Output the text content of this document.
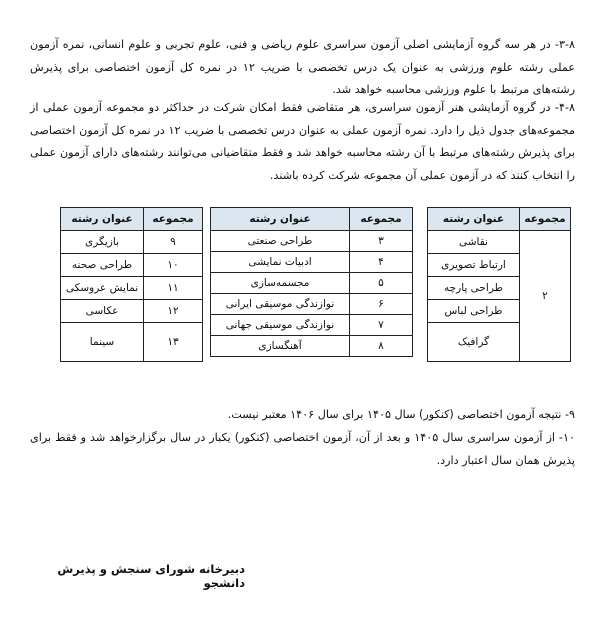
۳-۸- در هر سه گروه آزمایشی اصلی آزمون سراسری علوم ریاضی و فنی، علوم تجربی و علوم انسانی، نمره آزمون عملی رشته علوم ورزشی به عنوان یک درس تخصصی با ضریب ۱۲ در نمره کل آزمون اختصاصی برای پذیرش رشته‌های مرتبط با علوم ورزشی محاسبه خواهد شد.

۴-۸- در گروه آزمایشی هنر آزمون سراسری، هر متقاضی فقط امکان شرکت در حداکثر دو مجموعه آزمون عملی از مجموعه‌های جدول ذیل را دارد. نمره آزمون عملی به عنوان درس تخصصی با ضریب ۱۲ در نمره کل آزمون اختصاصی برای پذیرش رشته‌های مرتبط با آن رشته محاسبه خواهد شد و فقط متقاضیانی می‌توانند رشته‌های دارای آزمون عملی را انتخاب کنند که در آزمون عملی آن مجموعه شرکت کرده باشند.

مجموعه	عنوان رشته
۲	نقاشی
	ارتباط تصویری
	طراحی پارچه
	طراحی لباس
	گرافیک
مجموعه	عنوان رشته
۳	طراحی صنعتی
۴	ادبیات نمایشی
۵	مجسمه‌سازی
۶	نوازندگی موسیقی ایرانی
۷	نوازندگی موسیقی جهانی
۸	آهنگسازی
مجموعه	عنوان رشته
۹	بازیگری
۱۰	طراحی صحنه
۱۱	نمایش عروسکی
۱۲	عکاسی
۱۳	سینما

۹- نتیجه آزمون اختصاصی (کنکور) سال ۱۴۰۵ برای سال ۱۴۰۶ معتبر نیست.

۱۰- از آزمون سراسری سال ۱۴۰۵ و بعد از آن، آزمون اختصاصی (کنکور) یکبار در سال برگزارخواهد شد و فقط برای پذیرش همان سال اعتبار دارد.

دبیرخانه شورای سنجش و پذیرش دانشجو
